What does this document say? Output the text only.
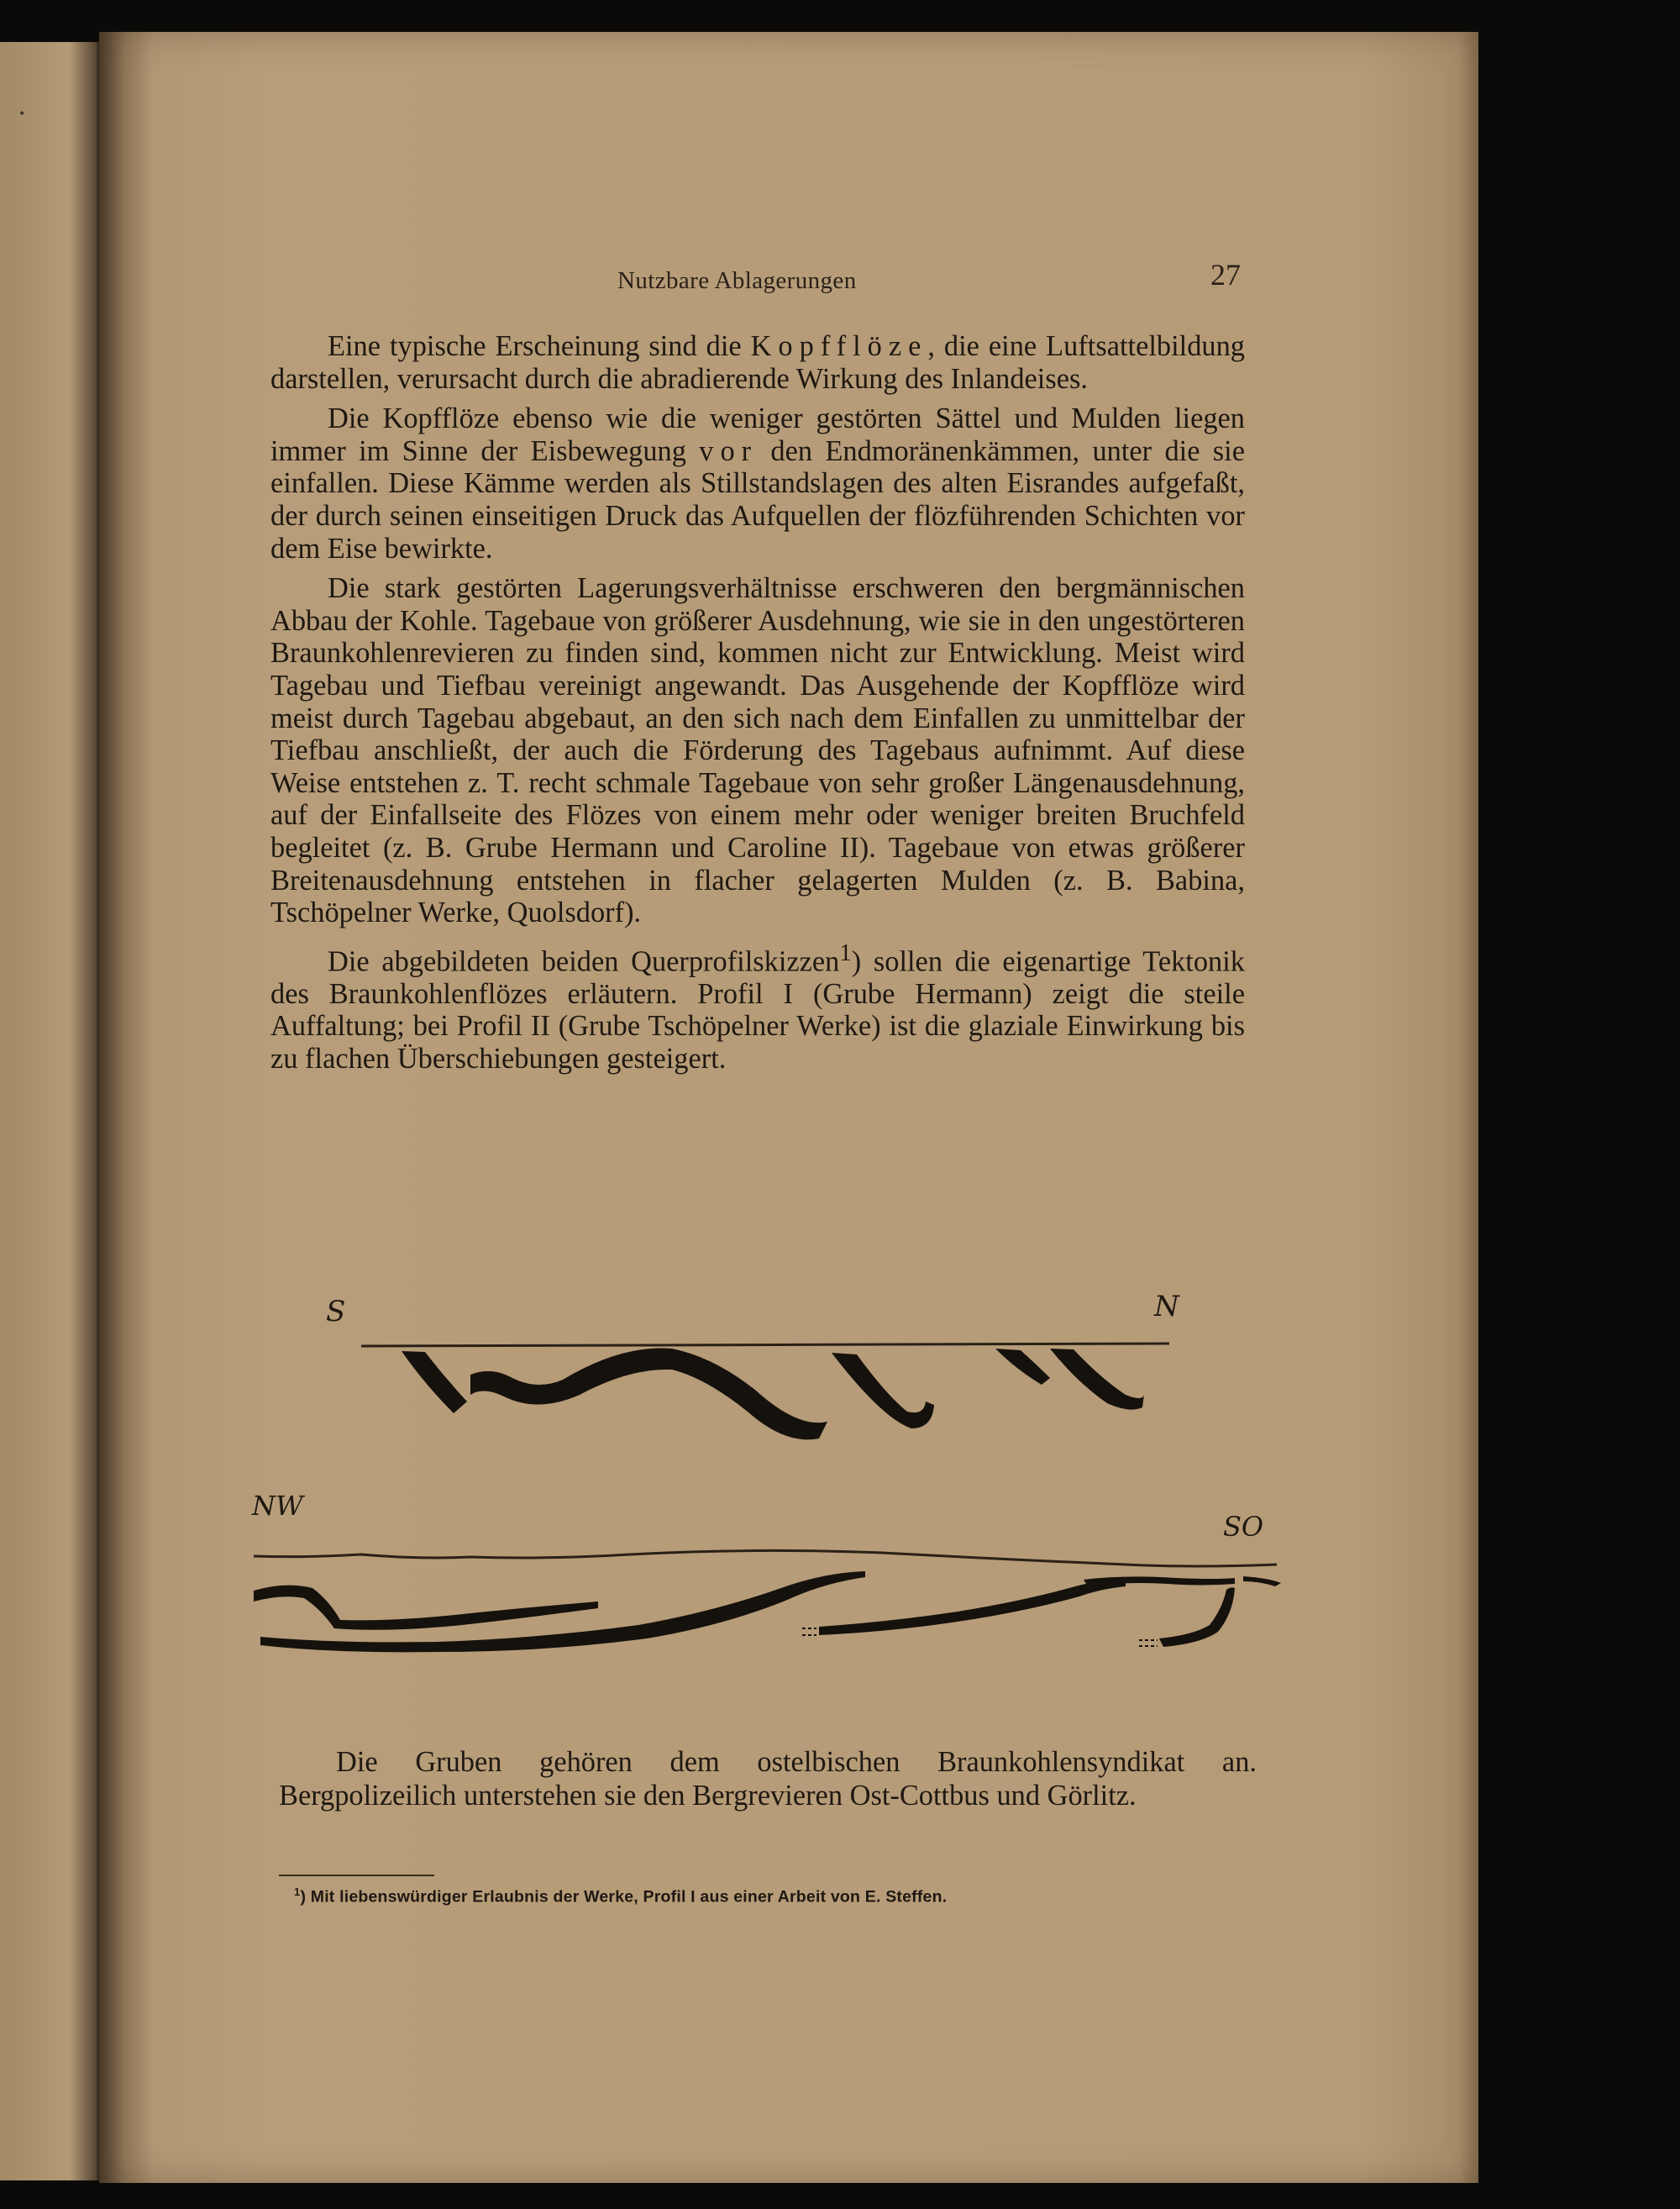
•
Nutzbare Ablagerungen	27

Eine typische Erscheinung sind die Kopfflöze, die eine Luftsattelbildung darstellen, verursacht durch die abradierende Wirkung des Inlandeises.

Die Kopfflöze ebenso wie die weniger gestörten Sättel und Mulden liegen immer im Sinne der Eisbewegung vor den Endmoränenkämmen, unter die sie einfallen. Diese Kämme werden als Stillstandslagen des alten Eisrandes aufgefaßt, der durch seinen einseitigen Druck das Aufquellen der flözführenden Schichten vor dem Eise bewirkte.

Die stark gestörten Lagerungsverhältnisse erschweren den bergmännischen Abbau der Kohle. Tagebaue von größerer Ausdehnung, wie sie in den ungestörteren Braunkohlenrevieren zu finden sind, kommen nicht zur Entwicklung. Meist wird Tagebau und Tiefbau vereinigt angewandt. Das Ausgehende der Kopfflöze wird meist durch Tagebau abgebaut, an den sich nach dem Einfallen zu unmittelbar der Tiefbau anschließt, der auch die Förderung des Tagebaus aufnimmt. Auf diese Weise entstehen z. T. recht schmale Tagebaue von sehr großer Längenausdehnung, auf der Einfallseite des Flözes von einem mehr oder weniger breiten Bruchfeld begleitet (z. B. Grube Hermann und Caroline II). Tagebaue von etwas größerer Breitenausdehnung entstehen in flacher gelagerten Mulden (z. B. Babina, Tschöpelner Werke, Quolsdorf).

Die abgebildeten beiden Querprofilskizzen$^1$) sollen die eigenartige Tektonik des Braunkohlenflözes erläutern. Profil I (Grube Hermann) zeigt die steile Auffaltung; bei Profil II (Grube Tschöpelner Werke) ist die glaziale Einwirkung bis zu flachen Überschiebungen gesteigert.

S	N
NW
SO

Die Gruben gehören dem ostelbischen Braunkohlensyndikat an. Bergpolizeilich unterstehen sie den Bergrevieren Ost-Cottbus und Görlitz.

$^1$) Mit liebenswürdiger Erlaubnis der Werke, Profil I aus einer Arbeit von E. Steffen.
